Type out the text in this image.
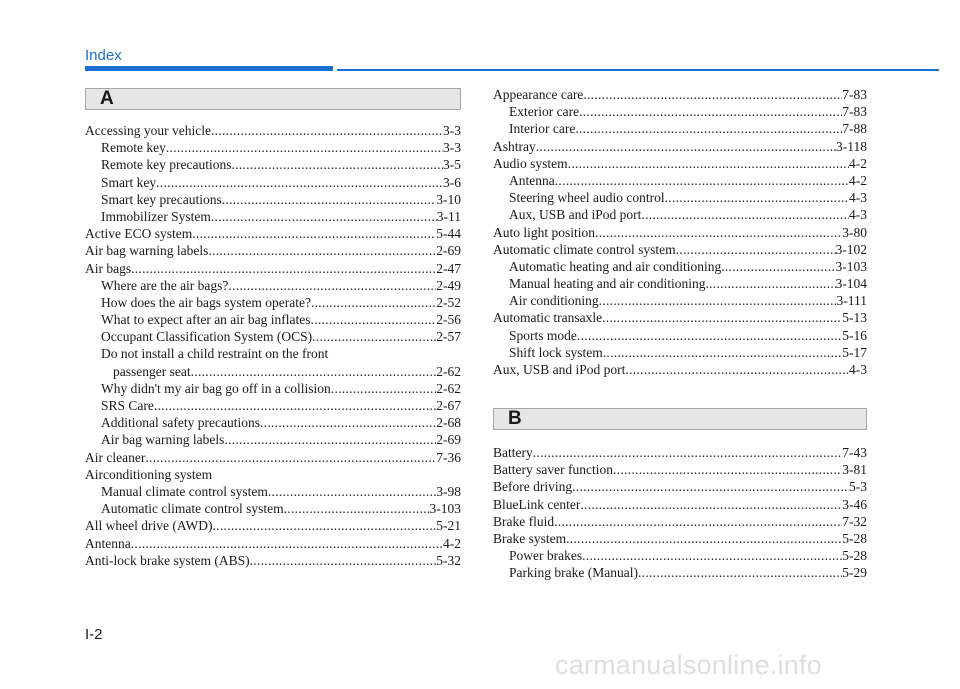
Index
A
Accessing your vehicle .....	3-3
Remote key .....	3-3
Remote key precautions .....	3-5
Smart key .....	3-6
Smart key precautions .....	3-10
Immobilizer System .....	3-11
Active ECO system .....	5-44
Air bag warning labels .....	2-69
Air bags .....	2-47
Where are the air bags? .....	2-49
How does the air bags system operate? .....	2-52
What to expect after an air bag inflates .....	2-56
Occupant Classification System (OCS) .....	2-57
Do not install a child restraint on the front
passenger seat .....	2-62
Why didn't my air bag go off in a collision .....	2-62
SRS Care .....	2-67
Additional safety precautions .....	2-68
Air bag warning labels .....	2-69
Air cleaner .....	7-36
Airconditioning system
Manual climate control system .....	3-98
Automatic climate control system .....	3-103
All wheel drive (AWD) .....	5-21
Antenna .....	4-2
Anti-lock brake system (ABS) .....	5-32
Appearance care .....	7-83
Exterior care .....	7-83
Interior care .....	7-88
Ashtray .....	3-118
Audio system .....	4-2
Antenna .....	4-2
Steering wheel audio control .....	4-3
Aux, USB and iPod port .....	4-3
Auto light position .....	3-80
Automatic climate control system .....	3-102
Automatic heating and air conditioning .....	3-103
Manual heating and air conditioning .....	3-104
Air conditioning .....	3-111
Automatic transaxle .....	5-13
Sports mode .....	5-16
Shift lock system .....	5-17
Aux, USB and iPod port .....	4-3
B
Battery .....	7-43
Battery saver function .....	3-81
Before driving .....	5-3
BlueLink center .....	3-46
Brake fluid .....	7-32
Brake system .....	5-28
Power brakes .....	5-28
Parking brake (Manual) .....	5-29
I-2
carmanualsonline.info
